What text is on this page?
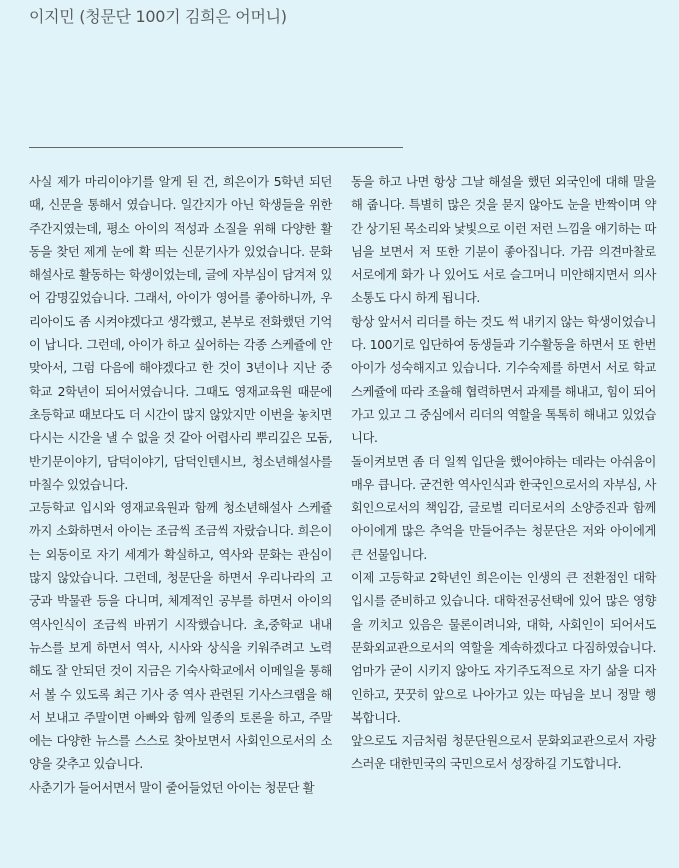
이지민 (청문단 100기 김희은 어머니)

사실 제가 마리이야기를 알게 된 건, 희은이가 5학년 되던 때, 신문을 통해서 였습니다. 일간지가 아닌 학생들을 위한 주간지였는데, 평소 아이의 적성과 소질을 위해 다양한 활동을 찾던 제게 눈에 확 띄는 신문기사가 있었습니다. 문화해설사로 활동하는 학생이었는데, 글에 자부심이 담겨져 있어 감명깊었습니다. 그래서, 아이가 영어를 좋아하니까, 우리아이도 좀 시켜야겠다고 생각했고, 본부로 전화했던 기억이 납니다. 그런데, 아이가 하고 싶어하는 각종 스케쥴에 안 맞아서, 그럼 다음에 해야겠다고 한 것이 3년이나 지난 중학교 2학년이 되어서였습니다. 그때도 영재교육원 때문에 초등학교 때보다도 더 시간이 많지 않았지만 이번을 놓치면 다시는 시간을 낼 수 없을 것 같아 어렵사리 뿌리깊은 모둠, 반기문이야기, 담덕이야기, 담덕인텐시브, 청소년해설사를 마칠수 있었습니다.

고등학교 입시와 영재교육원과 함께 청소년해설사 스케쥴까지 소화하면서 아이는 조금씩 조금씩 자랐습니다. 희은이는 외동이로 자기 세계가 확실하고, 역사와 문화는 관심이 많지 않았습니다. 그런데, 청문단을 하면서 우리나라의 고궁과 박물관 등을 다니며, 체계적인 공부를 하면서 아이의 역사인식이 조금씩 바뀌기 시작했습니다. 초,중학교 내내 뉴스를 보게 하면서 역사, 시사와 상식을 키워주려고 노력해도 잘 안되던 것이 지금은 기숙사학교에서 이메일을 통해서 볼 수 있도록 최근 기사 중 역사 관련된 기사스크랩을 해서 보내고 주말이면 아빠와 함께 일종의 토론을 하고, 주말에는 다양한 뉴스를 스스로 찾아보면서 사회인으로서의 소양을 갖추고 있습니다.

사춘기가 들어서면서 말이 줄어들었던 아이는 청문단 활

동을 하고 나면 항상 그날 해설을 했던 외국인에 대해 말을 해 줍니다. 특별히 많은 것을 묻지 않아도 눈을 반짝이며 약간 상기된 목소리와 낯빛으로 이런 저런 느낌을 얘기하는 따님을 보면서 저 또한 기분이 좋아집니다. 가끔 의견마찰로 서로에게 화가 나 있어도 서로 슬그머니 미안해지면서 의사소통도 다시 하게 됩니다.

항상 앞서서 리더를 하는 것도 썩 내키지 않는 학생이었습니다. 100기로 입단하여 동생들과 기수활동을 하면서 또 한번 아이가 성숙해지고 있습니다. 기수숙제를 하면서 서로 학교 스케쥴에 따라 조율해 협력하면서 과제를 해내고, 힘이 되어가고 있고 그 중심에서 리더의 역할을 톡톡히 해내고 있었습니다.

돌이켜보면 좀 더 일찍 입단을 했어야하는 데라는 아쉬움이 매우 큽니다. 굳건한 역사인식과 한국인으로서의 자부심, 사회인으로서의 책임감, 글로벌 리더로서의 소양증진과 함께 아이에게 많은 추억을 만들어주는 청문단은 저와 아이에게 큰 선물입니다.

이제 고등학교 2학년인 희은이는 인생의 큰 전환점인 대학입시를 준비하고 있습니다. 대학전공선택에 있어 많은 영향을 끼치고 있음은 물론이려니와, 대학, 사회인이 되어서도 문화외교관으로서의 역할을 계속하겠다고 다짐하였습니다. 엄마가 굳이 시키지 않아도 자기주도적으로 자기 삶을 디자인하고, 꿋꿋히 앞으로 나아가고 있는 따님을 보니 정말 행복합니다.

앞으로도 지금처럼 청문단원으로서 문화외교관으로서 자랑스러운 대한민국의 국민으로서 성장하길 기도합니다.
